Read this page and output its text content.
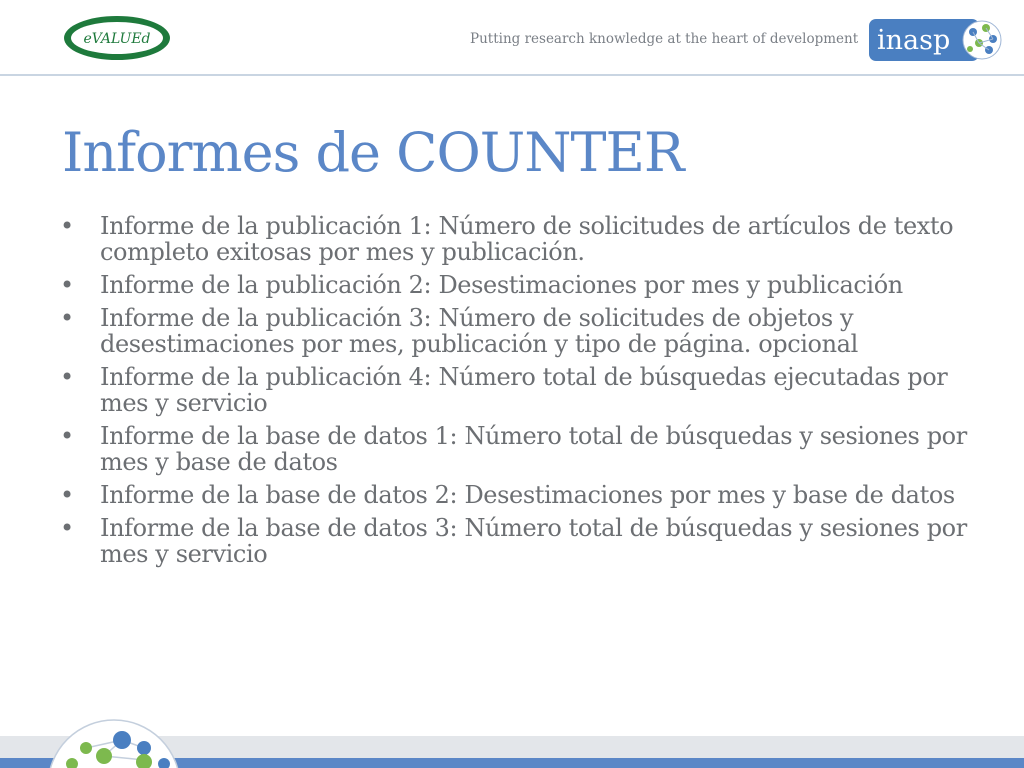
eVALUEd	Putting research knowledge at the heart of development inasp
Informes de COUNTER
• Informe de la publicación 1: Número de solicitudes de artículos de texto completo exitosas por mes y publicación.
• Informe de la publicación 2: Desestimaciones por mes y publicación
• Informe de la publicación 3: Número de solicitudes de objetos y desestimaciones por mes, publicación y tipo de página. opcional
• Informe de la publicación 4: Número total de búsquedas ejecutadas por mes y servicio
• Informe de la base de datos 1: Número total de búsquedas y sesiones por mes y base de datos
• Informe de la base de datos 2: Desestimaciones por mes y base de datos
• Informe de la base de datos 3: Número total de búsquedas y sesiones por mes y servicio
